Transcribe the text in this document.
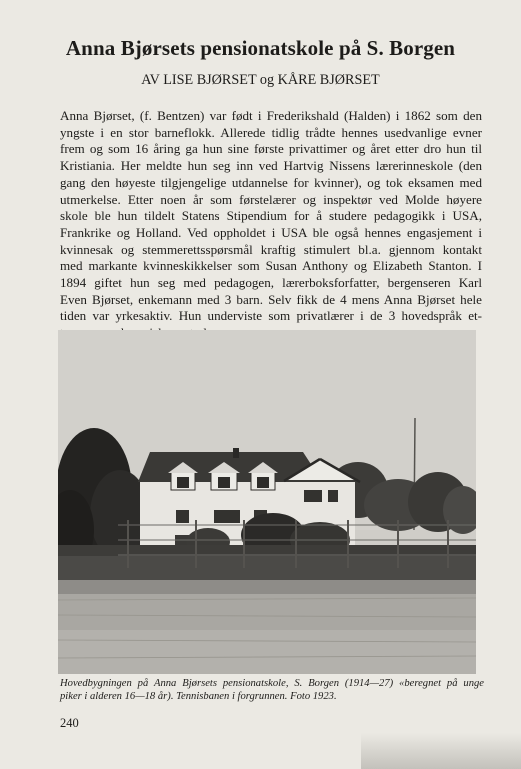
Anna Bjørsets pensionatskole på S. Borgen
AV LISE BJØRSET og KÅRE BJØRSET
Anna Bjørset, (f. Bentzen) var født i Frederikshald (Halden) i 1862 som den
yngste i en stor barneflokk. Allerede tidlig trådte hennes usedvanlige evner
frem og som 16 åring ga hun sine første privattimer og året etter dro hun til
Kristiania. Her meldte hun seg inn ved Hartvig Nissens lærerinneskole (den
gang den høyeste tilgjengelige utdannelse for kvinner), og tok eksamen med
utmerkelse. Etter noen år som førstelærer og inspektør ved Molde høyere
skole ble hun tildelt Statens Stipendium for å studere pedagogikk i USA,
Frankrike og Holland. Ved oppholdet i USA ble også hennes engasjement i
kvinnesak og stemmerettsspørsmål kraftig stimulert bl.a. gjennom kontakt
med markante kvinneskikkelser som Susan Anthony og Elizabeth Stanton. I
1894 giftet hun seg med pedagogen, lærerboksforfatter, bergenseren Karl
Even Bjørset, enkemann med 3 barn. Selv fikk de 4 mens Anna Bjørset hele
tiden var yrkesaktiv. Hun underviste som privatlærer i de 3 hovedspråk et-
Hovedbygningen på Anna Bjørsets pensionatskole, S. Borgen (1914—27) «beregnet på unge
piker i alderen 16—18 år). Tennisbanen i forgrunnen. Foto 1923.
240
